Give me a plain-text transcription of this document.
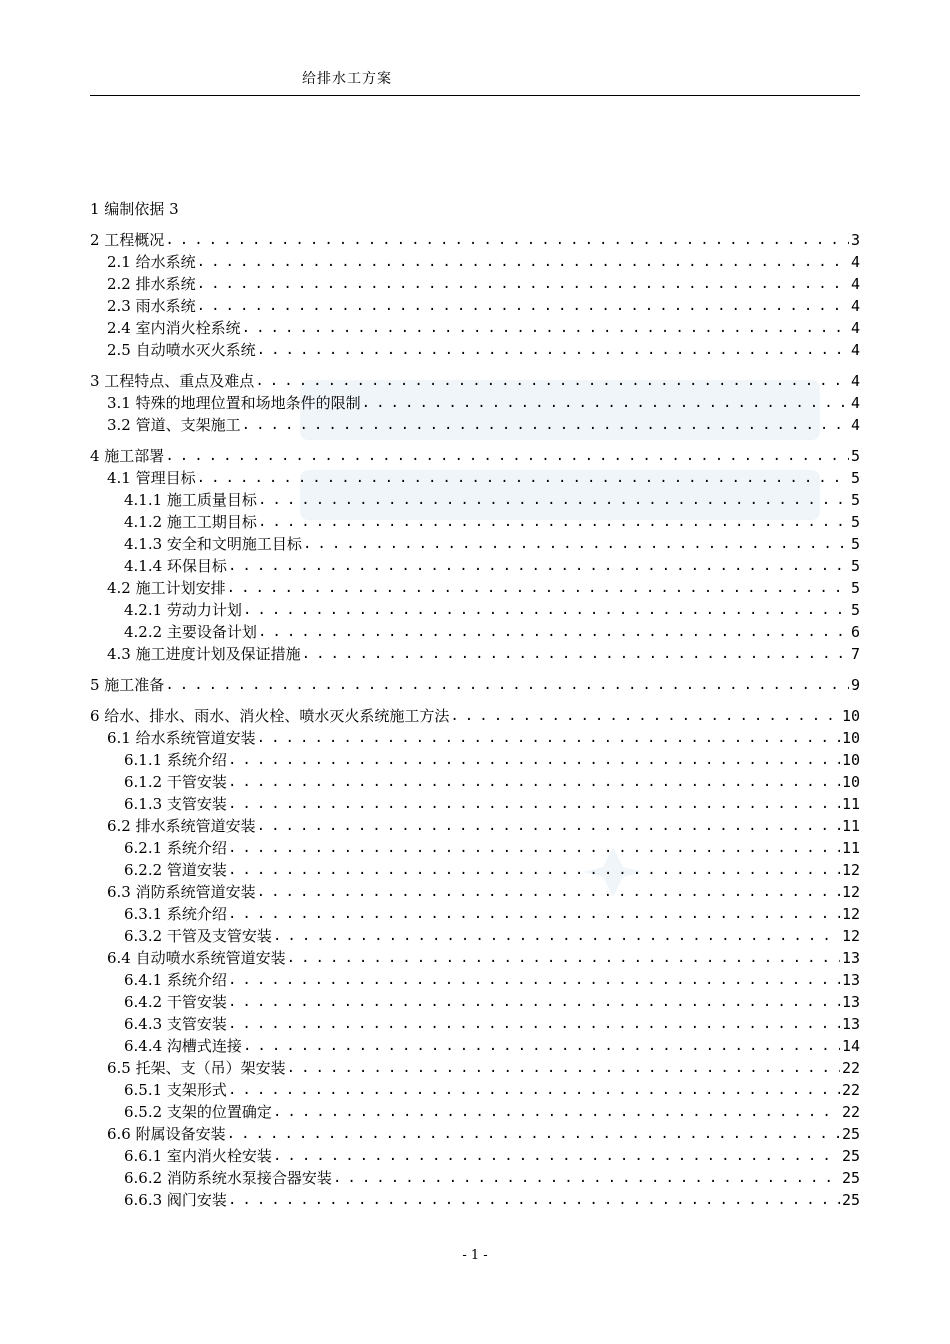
给排水工方案
1 编制依据 3
2 工程概况 . . .	3
2.1 给水系统 . . .	4
2.2 排水系统 . . .	4
2.3 雨水系统 . . .	4
2.4 室内消火栓系统 . . .	4
2.5 自动喷水灭火系统 . . .	4
3 工程特点、重点及难点 . . .	4
3.1 特殊的地理位置和场地条件的限制 . . .	4
3.2 管道、支架施工 . . .	4
4 施工部署 . . .	5
4.1 管理目标 . . .	5
4.1.1 施工质量目标 . . .	5
4.1.2 施工工期目标 . . .	5
4.1.3 安全和文明施工目标 . . .	5
4.1.4 环保目标 . . .	5
4.2 施工计划安排 . . .	5
4.2.1 劳动力计划 . . .	5
4.2.2 主要设备计划 . . .	6
4.3 施工进度计划及保证措施 . . .	7
5 施工准备 . . .	9
6 给水、排水、雨水、消火栓、喷水灭火系统施工方法 . . .	10
6.1 给水系统管道安装 . . .	10
6.1.1 系统介绍 . . .	10
6.1.2 干管安装 . . .	10
6.1.3 支管安装 . . .	11
6.2 排水系统管道安装 . . .	11
6.2.1 系统介绍 . . .	11
6.2.2 管道安装 . . .	12
6.3 消防系统管道安装 . . .	12
6.3.1 系统介绍 . . .	12
6.3.2 干管及支管安装 . . .	12
6.4 自动喷水系统管道安装 . . .	13
6.4.1 系统介绍 . . .	13
6.4.2 干管安装 . . .	13
6.4.3 支管安装 . . .	13
6.4.4 沟槽式连接 . . .	14
6.5 托架、支（吊）架安装 . . .	22
6.5.1 支架形式 . . .	22
6.5.2 支架的位置确定 . . .	22
6.6 附属设备安装 . . .	25
6.6.1 室内消火栓安装 . . .	25
6.6.2 消防系统水泵接合器安装 . . .	25
6.6.3 阀门安装 . . .	25
- 1 -
